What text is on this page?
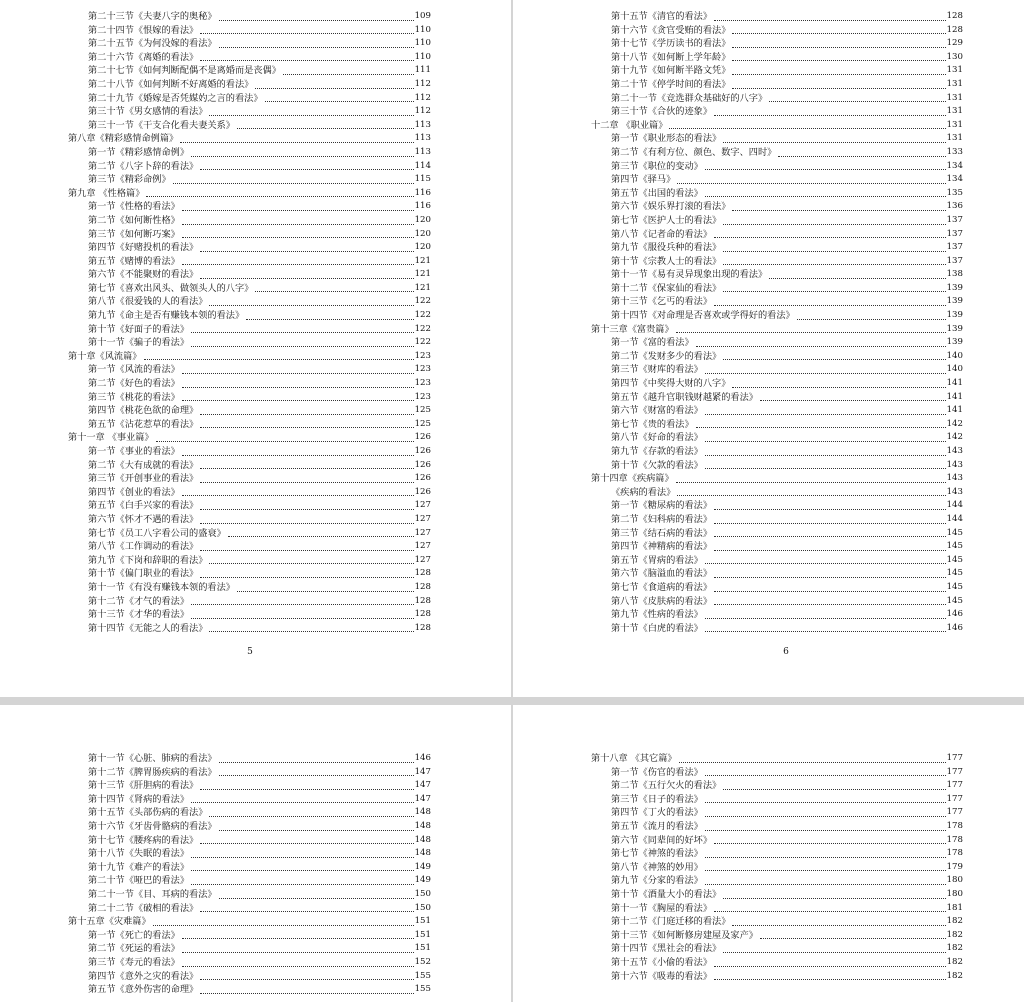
第二十三节《夫妻八字的奥秘》	109
第二十四节《恨嫁的看法》	110
第二十五节《为何没嫁的看法》	110
第二十六节《离婚的看法》	110
第二十七节《如何判断配偶不是离婚而是丧偶》	111
第二十八节《如何判断不好离婚的看法》	112
第二十九节《婚嫁是否凭媒妁之言的看法》	112
第三十节《男女感情的看法》	112
第三十一节《干支合化看夫妻关系》	113
第八章《精彩感情命例篇》	113
第一节《精彩感情命例》	113
第二节《八字卜辞的看法》	114
第三节《精彩命例》	115
第九章 《性格篇》	116
第一节《性格的看法》	116
第二节《如何断性格》	120
第三节《如何断巧案》	120
第四节《好赌投机的看法》	120
第五节《赌博的看法》	121
第六节《不能聚财的看法》	121
第七节《喜欢出风头、做领头人的八字》	121
第八节《很爱钱的人的看法》	122
第九节《命主是否有赚钱本领的看法》	122
第十节《好面子的看法》	122
第十一节《骗子的看法》	122
第十章《风流篇》	123
第一节《风流的看法》	123
第二节《好色的看法》	123
第三节《桃花的看法》	123
第四节《桃花色欲的命理》	125
第五节《沾花惹草的看法》	125
第十一章 《事业篇》	126
第一节《事业的看法》	126
第二节《大有成就的看法》	126
第三节《开创事业的看法》	126
第四节《创业的看法》	126
第五节《白手兴家的看法》	127
第六节《怀才不遇的看法》	127
第七节《员工八字看公司的盛衰》	127
第八节《工作调动的看法》	127
第九节《下岗和辞职的看法》	127
第十节《偏门职业的看法》	128
第十一节《有没有赚钱本领的看法》	128
第十二节《才气的看法》	128
第十三节《才华的看法》	128
第十四节《无能之人的看法》	128
5
第十五节《清官的看法》	128
第十六节《贪官受贿的看法》	128
第十七节《学历读书的看法》	129
第十八节《如何断上学年龄》	130
第十九节《如何断半路文凭》	131
第二十节《停学时间的看法》	131
第二十一节《竞选群众基础好的八字》	131
第三十节《合伙的迹象》	131
十二章 《职业篇》	131
第一节《职业形态的看法》	131
第二节《有利方位、颜色、数字、四时》	133
第三节《职位的变动》	134
第四节《驿马》	134
第五节《出国的看法》	135
第六节《娱乐界打滚的看法》	136
第七节《医护人士的看法》	137
第八节《记者命的看法》	137
第九节《服役兵种的看法》	137
第十节《宗教人士的看法》	137
第十一节《易有灵异现象出现的看法》	138
第十二节《保家仙的看法》	139
第十三节《乞丐的看法》	139
第十四节《对命理是否喜欢或学得好的看法》	139
第十三章《富贵篇》	139
第一节《富的看法》	139
第二节《发财多少的看法》	140
第三节《财库的看法》	140
第四节《中奖得大财的八字》	141
第五节《越升官职钱财越紧的看法》	141
第六节《财富的看法》	141
第七节《贵的看法》	142
第八节《好命的看法》	142
第九节《存款的看法》	143
第十节《欠款的看法》	143
第十四章《疾病篇》	143
《疾病的看法》	143
第一节《糖尿病的看法》	144
第二节《妇科病的看法》	144
第三节《结石病的看法》	145
第四节《神精病的看法》	145
第五节《胃病的看法》	145
第六节《脑溢血的看法》	145
第七节《食道病的看法》	145
第八节《皮肤病的看法》	145
第九节《性病的看法》	146
第十节《白虎的看法》	146
6
第十一节《心脏、肺病的看法》	146
第十二节《脾胃肠疾病的看法》	147
第十三节《肝胆病的看法》	147
第十四节《肾病的看法》	147
第十五节《头部伤病的看法》	148
第十六节《牙齿骨骼病的看法》	148
第十七节《腰疼病的看法》	148
第十八节《失眠的看法》	148
第十九节《难产的看法》	149
第二十节《哑巴的看法》	149
第二十一节《目、耳病的看法》	150
第二十二节《破相的看法》	150
第十五章《灾难篇》	151
第一节《死亡的看法》	151
第二节《死运的看法》	151
第三节《寿元的看法》	152
第四节《意外之灾的看法》	155
第五节《意外伤害的命理》	155
第十八章 《其它篇》	177
第一节《伤官的看法》	177
第二节《五行欠火的看法》	177
第三节《日子的看法》	177
第四节《丁火的看法》	177
第五节《流月的看法》	178
第六节《同辈间的好坏》	178
第七节《神煞的看法》	178
第八节《神煞的妙用》	179
第九节《分家的看法》	180
第十节《酒量大小的看法》	180
第十一节《胸屋的看法》	181
第十二节《门庭迁移的看法》	182
第十三节《如何断修房建屋及家产》	182
第十四节《黑社会的看法》	182
第十五节《小偷的看法》	182
第十六节《吸毒的看法》	182
